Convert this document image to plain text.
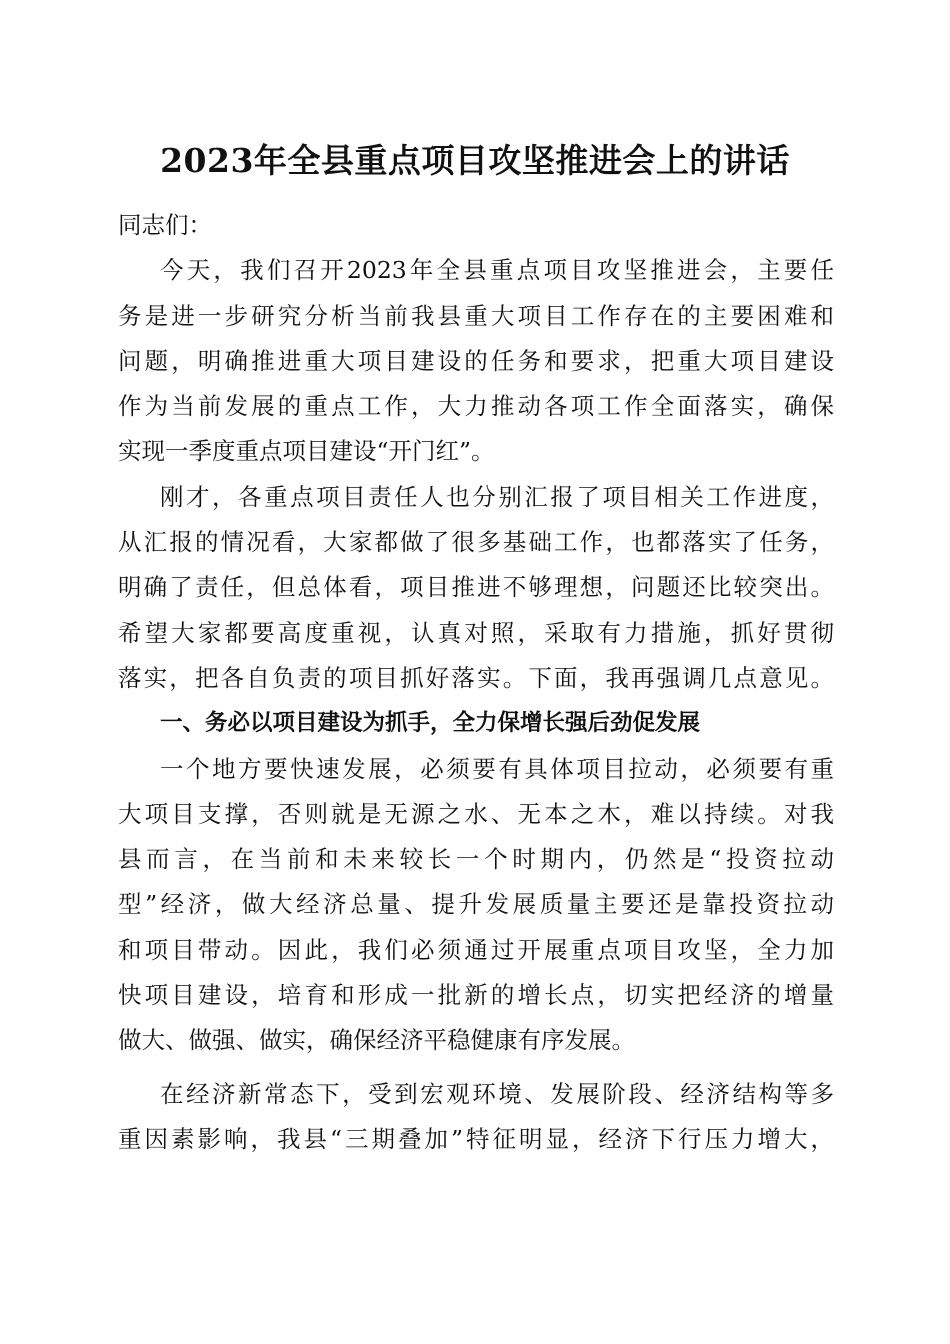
2023年全县重点项目攻坚推进会上的讲话
同志们：
今天，我们召开2023年全县重点项目攻坚推进会，主要任
务是进一步研究分析当前我县重大项目工作存在的主要困难和
问题，明确推进重大项目建设的任务和要求，把重大项目建设
作为当前发展的重点工作，大力推动各项工作全面落实，确保
实现一季度重点项目建设“开门红”。
刚才，各重点项目责任人也分别汇报了项目相关工作进度，
从汇报的情况看，大家都做了很多基础工作，也都落实了任务，
明确了责任，但总体看，项目推进不够理想，问题还比较突出。
希望大家都要高度重视，认真对照，采取有力措施，抓好贯彻
落实，把各自负责的项目抓好落实。下面，我再强调几点意见。
一、务必以项目建设为抓手，全力保增长强后劲促发展
一个地方要快速发展，必须要有具体项目拉动，必须要有重
大项目支撑，否则就是无源之水、无本之木，难以持续。对我
县而言，在当前和未来较长一个时期内，仍然是“投资拉动
型”经济，做大经济总量、提升发展质量主要还是靠投资拉动
和项目带动。因此，我们必须通过开展重点项目攻坚，全力加
快项目建设，培育和形成一批新的增长点，切实把经济的增量
做大、做强、做实，确保经济平稳健康有序发展。
在经济新常态下，受到宏观环境、发展阶段、经济结构等多
重因素影响，我县“三期叠加”特征明显，经济下行压力增大，
